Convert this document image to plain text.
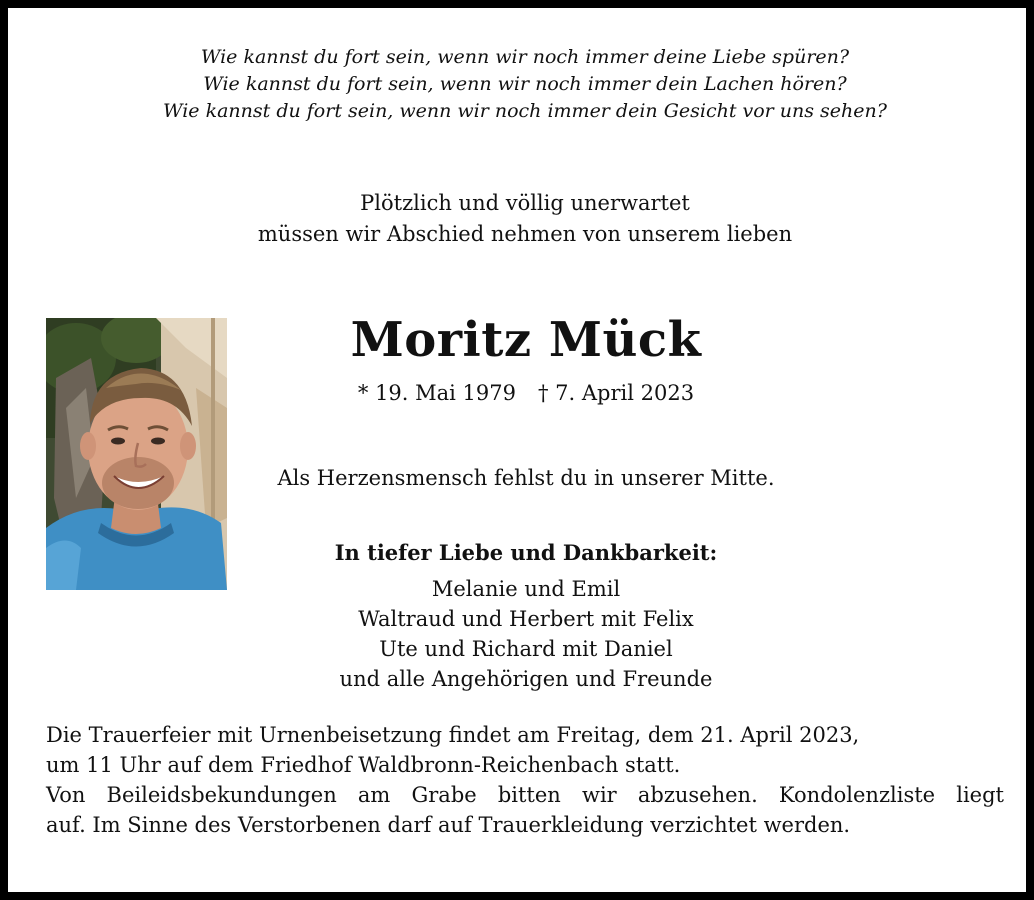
Wie kannst du fort sein, wenn wir noch immer deine Liebe spüren?
Wie kannst du fort sein, wenn wir noch immer dein Lachen hören?
Wie kannst du fort sein, wenn wir noch immer dein Gesicht vor uns sehen?
Plötzlich und völlig unerwartet
müssen wir Abschied nehmen von unserem lieben
Moritz Mück
* 19. Mai 1979 † 7. April 2023
Als Herzensmensch fehlst du in unserer Mitte.
In tiefer Liebe und Dankbarkeit:
Melanie und Emil
Waltraud und Herbert mit Felix
Ute und Richard mit Daniel
und alle Angehörigen und Freunde
Die Trauerfeier mit Urnenbeisetzung findet am Freitag, dem 21. April 2023,
um 11 Uhr auf dem Friedhof Waldbronn-Reichenbach statt.
Von Beileidsbekundungen am Grabe bitten wir abzusehen. Kondolenzliste liegt
auf. Im Sinne des Verstorbenen darf auf Trauerkleidung verzichtet werden.
